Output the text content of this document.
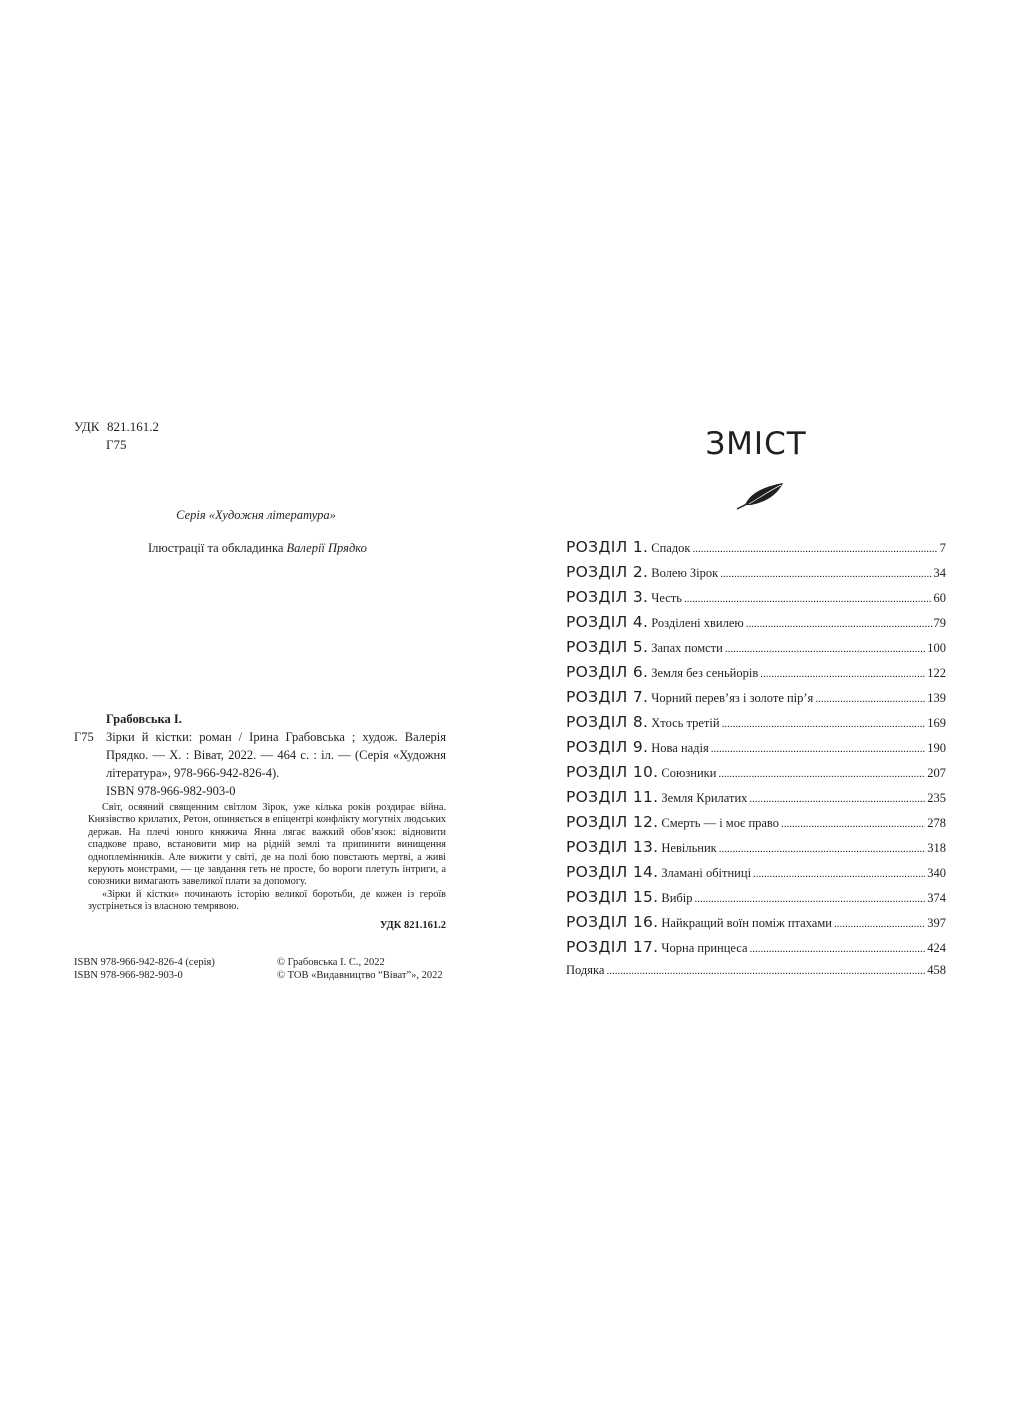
УДК 821.161.2
Г75
Серія «Художня література»
Ілюстрації та обкладинка Валерії Прядко
Грабовська І.
Г75 Зірки й кістки: роман / Ірина Грабовська ; худож. Валерія Прядко. — Х. : Віват, 2022. — 464 с. : іл. — (Серія «Художня література», 978-966-942-826-4).
ISBN 978-966-982-903-0

Світ, осяяний священним світлом Зірок, уже кілька років роздирає війна. Князівство крилатих, Ретон, опиняється в епіцентрі конфлікту могутніх людських держав. На плечі юного княжича Янна лягає важкий обов’язок: відновити спадкове право, встановити мир на рідній землі та припинити винищення одноплемінників. Але вижити у світі, де на полі бою повстають мертві, а живі керують монстрами, — це завдання геть не просте, бо вороги плетуть інтриги, а союзники вимагають завеликої плати за допомогу.

«Зірки й кістки» починають історію великої боротьби, де кожен із героїв зустрінеться із власною темрявою.

УДК 821.161.2

ISBN 978-966-942-826-4 (серія)
ISBN 978-966-982-903-0
© Грабовська І. С., 2022
© ТОВ «Видавництво “Віват”», 2022
ЗМІСТ
РОЗДІЛ 1. Спадок .....	7
РОЗДІЛ 2. Волею Зірок .....	34
РОЗДІЛ 3. Честь .....	60
РОЗДІЛ 4. Розділені хвилею .....	79
РОЗДІЛ 5. Запах помсти .....	100
РОЗДІЛ 6. Земля без сеньйорів .....	122
РОЗДІЛ 7. Чорний перев’яз і золоте пір’я .....	139
РОЗДІЛ 8. Хтось третій .....	169
РОЗДІЛ 9. Нова надія .....	190
РОЗДІЛ 10. Союзники .....	207
РОЗДІЛ 11. Земля Крилатих .....	235
РОЗДІЛ 12. Смерть — і моє право .....	278
РОЗДІЛ 13. Невільник .....	318
РОЗДІЛ 14. Зламані обітниці .....	340
РОЗДІЛ 15. Вибір .....	374
РОЗДІЛ 16. Найкращий воїн поміж птахами .....	397
РОЗДІЛ 17. Чорна принцеса .....	424
Подяка .....	458
